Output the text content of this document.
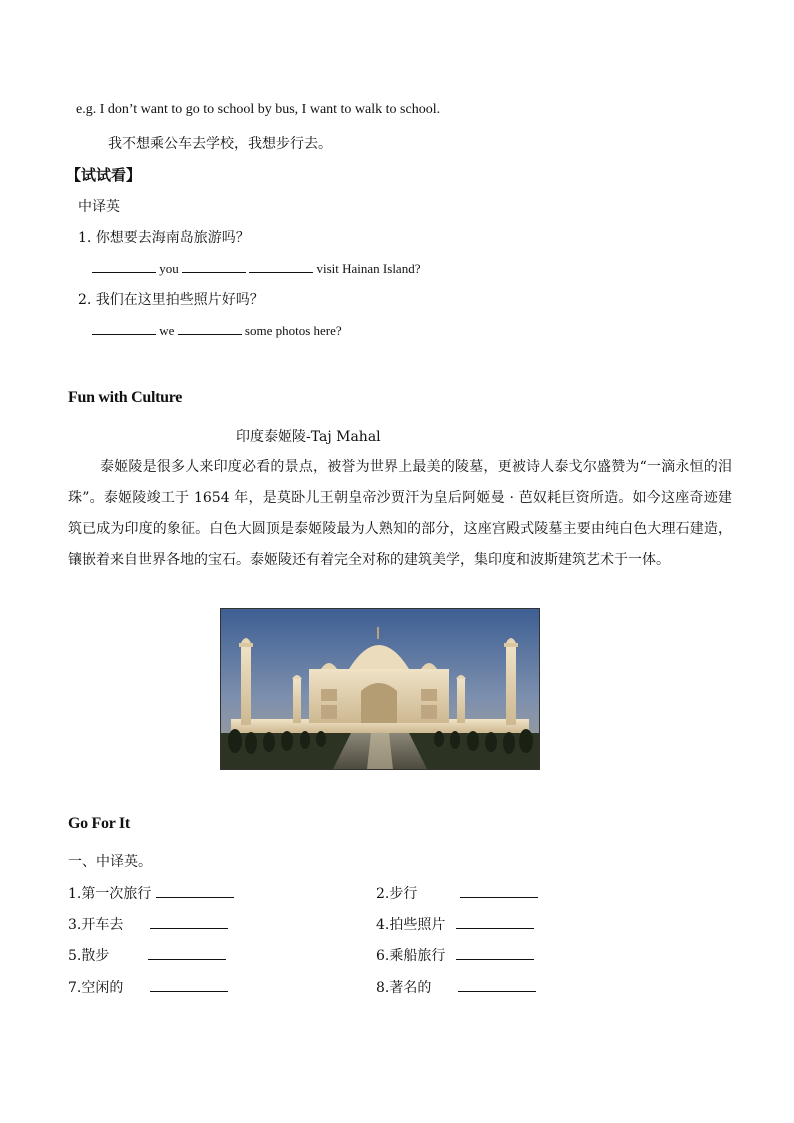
e.g. I don’t want to go to school by bus, I want to walk to school.
我不想乘公车去学校，我想步行去。
【试试看】
中译英
1. 你想要去海南岛旅游吗？
you	visit Hainan Island?
2. 我们在这里拍些照片好吗？
we	some photos here?
Fun with Culture
印度泰姬陵-Taj Mahal
泰姬陵是很多人来印度必看的景点，被誉为世界上最美的陵墓，更被诗人泰戈尔盛赞为“一滴永恒的泪珠”。泰姬陵竣工于 1654 年，是莫卧儿王朝皇帝沙贾汗为皇后阿姬曼 · 芭奴耗巨资所造。如今这座奇迹建筑已成为印度的象征。白色大圆顶是泰姬陵最为人熟知的部分，这座宫殿式陵墓主要由纯白色大理石建造，镶嵌着来自世界各地的宝石。泰姬陵还有着完全对称的建筑美学，集印度和波斯建筑艺术于一体。
Go For It
一、中译英。
1.第一次旅行	2.步行
3.开车去	4.拍些照片
5.散步	6.乘船旅行
7.空闲的	8.著名的
